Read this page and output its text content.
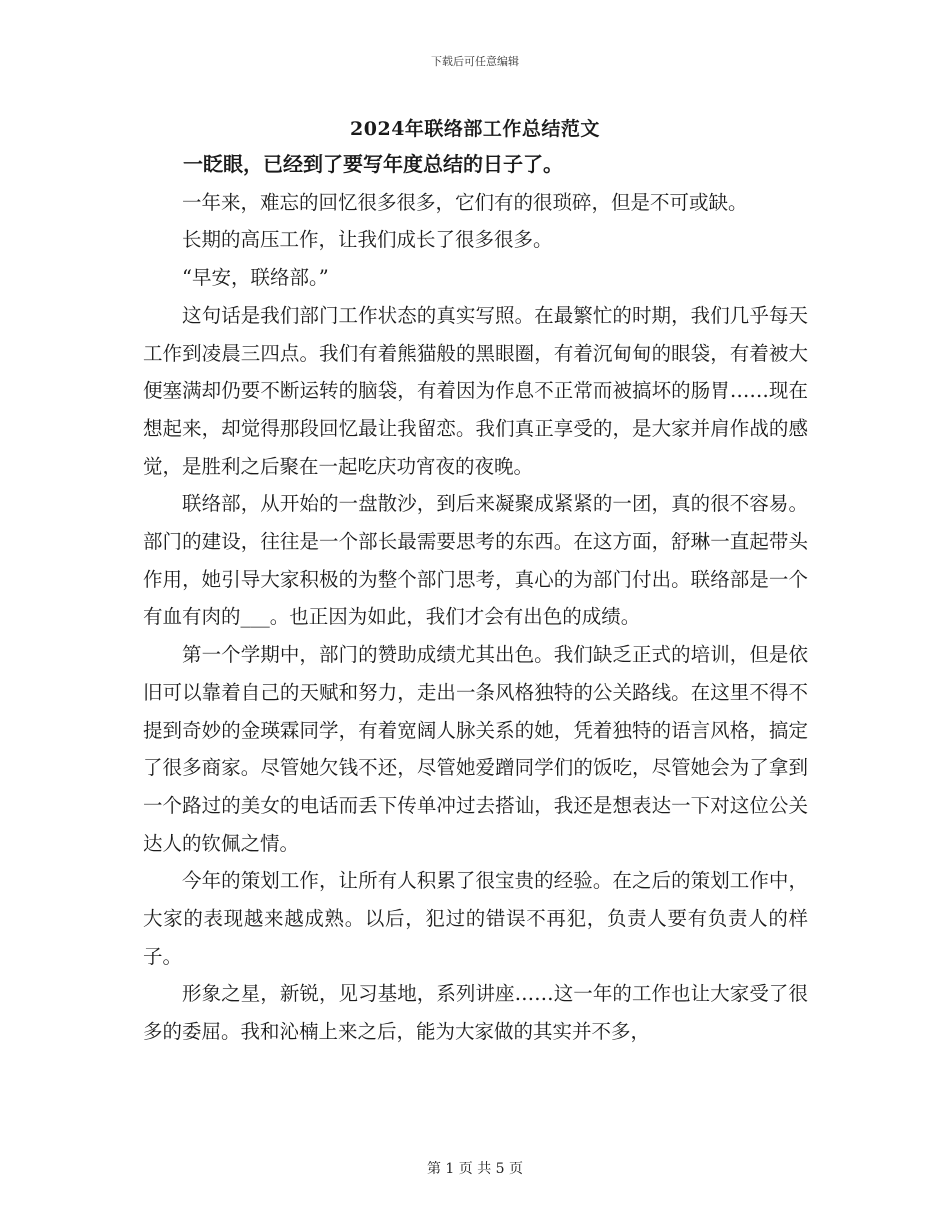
下载后可任意编辑
2024年联络部工作总结范文

一眨眼，已经到了要写年度总结的日子了。

一年来，难忘的回忆很多很多，它们有的很琐碎，但是不可或缺。

长期的高压工作，让我们成长了很多很多。

“早安，联络部。”

这句话是我们部门工作状态的真实写照。在最繁忙的时期，我们几乎每天工作到凌晨三四点。我们有着熊猫般的黑眼圈，有着沉甸甸的眼袋，有着被大便塞满却仍要不断运转的脑袋，有着因为作息不正常而被搞坏的肠胃……现在想起来，却觉得那段回忆最让我留恋。我们真正享受的，是大家并肩作战的感觉，是胜利之后聚在一起吃庆功宵夜的夜晚。

联络部，从开始的一盘散沙，到后来凝聚成紧紧的一团，真的很不容易。部门的建设，往往是一个部长最需要思考的东西。在这方面，舒琳一直起带头作用，她引导大家积极的为整个部门思考，真心的为部门付出。联络部是一个有血有肉的___。也正因为如此，我们才会有出色的成绩。

第一个学期中，部门的赞助成绩尤其出色。我们缺乏正式的培训，但是依旧可以靠着自己的天赋和努力，走出一条风格独特的公关路线。在这里不得不提到奇妙的金瑛霖同学，有着宽阔人脉关系的她，凭着独特的语言风格，搞定了很多商家。尽管她欠钱不还，尽管她爱蹭同学们的饭吃，尽管她会为了拿到一个路过的美女的电话而丢下传单冲过去搭讪，我还是想表达一下对这位公关达人的钦佩之情。

今年的策划工作，让所有人积累了很宝贵的经验。在之后的策划工作中，大家的表现越来越成熟。以后，犯过的错误不再犯，负责人要有负责人的样子。

形象之星，新锐，见习基地，系列讲座……这一年的工作也让大家受了很多的委屈。我和沁楠上来之后，能为大家做的其实并不多，

第 1 页 共 5 页
